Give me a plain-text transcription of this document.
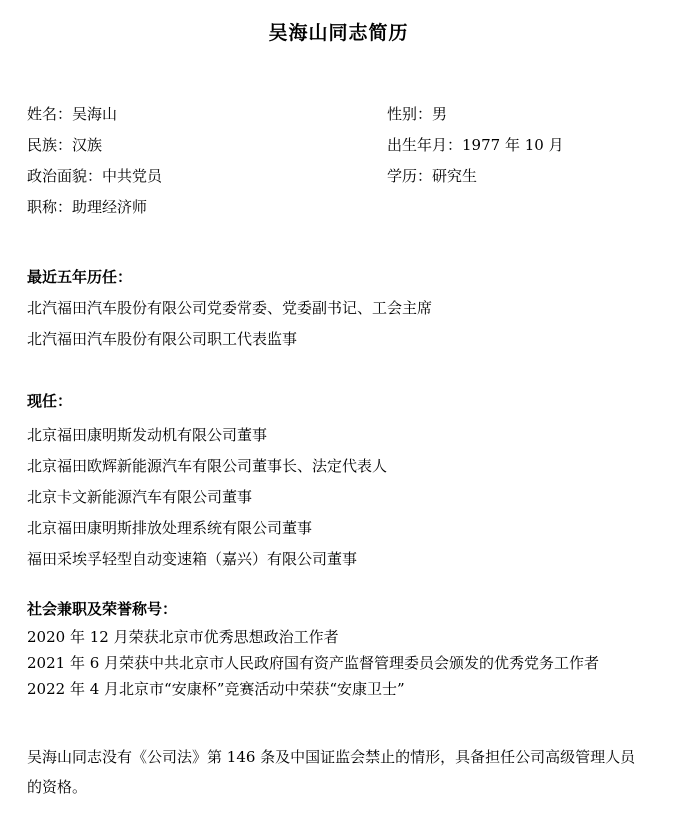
吴海山同志简历
姓名：吴海山	性别：男
民族：汉族	出生年月：1977 年 10 月
政治面貌：中共党员	学历：研究生
职称：助理经济师
最近五年历任：
北汽福田汽车股份有限公司党委常委、党委副书记、工会主席
北汽福田汽车股份有限公司职工代表监事
现任：
北京福田康明斯发动机有限公司董事
北京福田欧辉新能源汽车有限公司董事长、法定代表人
北京卡文新能源汽车有限公司董事
北京福田康明斯排放处理系统有限公司董事
福田采埃孚轻型自动变速箱（嘉兴）有限公司董事
社会兼职及荣誉称号：
2020 年 12 月荣获北京市优秀思想政治工作者
2021 年 6 月荣获中共北京市人民政府国有资产监督管理委员会颁发的优秀党务工作者
2022 年 4 月北京市“安康杯”竞赛活动中荣获“安康卫士”

吴海山同志没有《公司法》第 146 条及中国证监会禁止的情形，具备担任公司高级管理人员的资格。
